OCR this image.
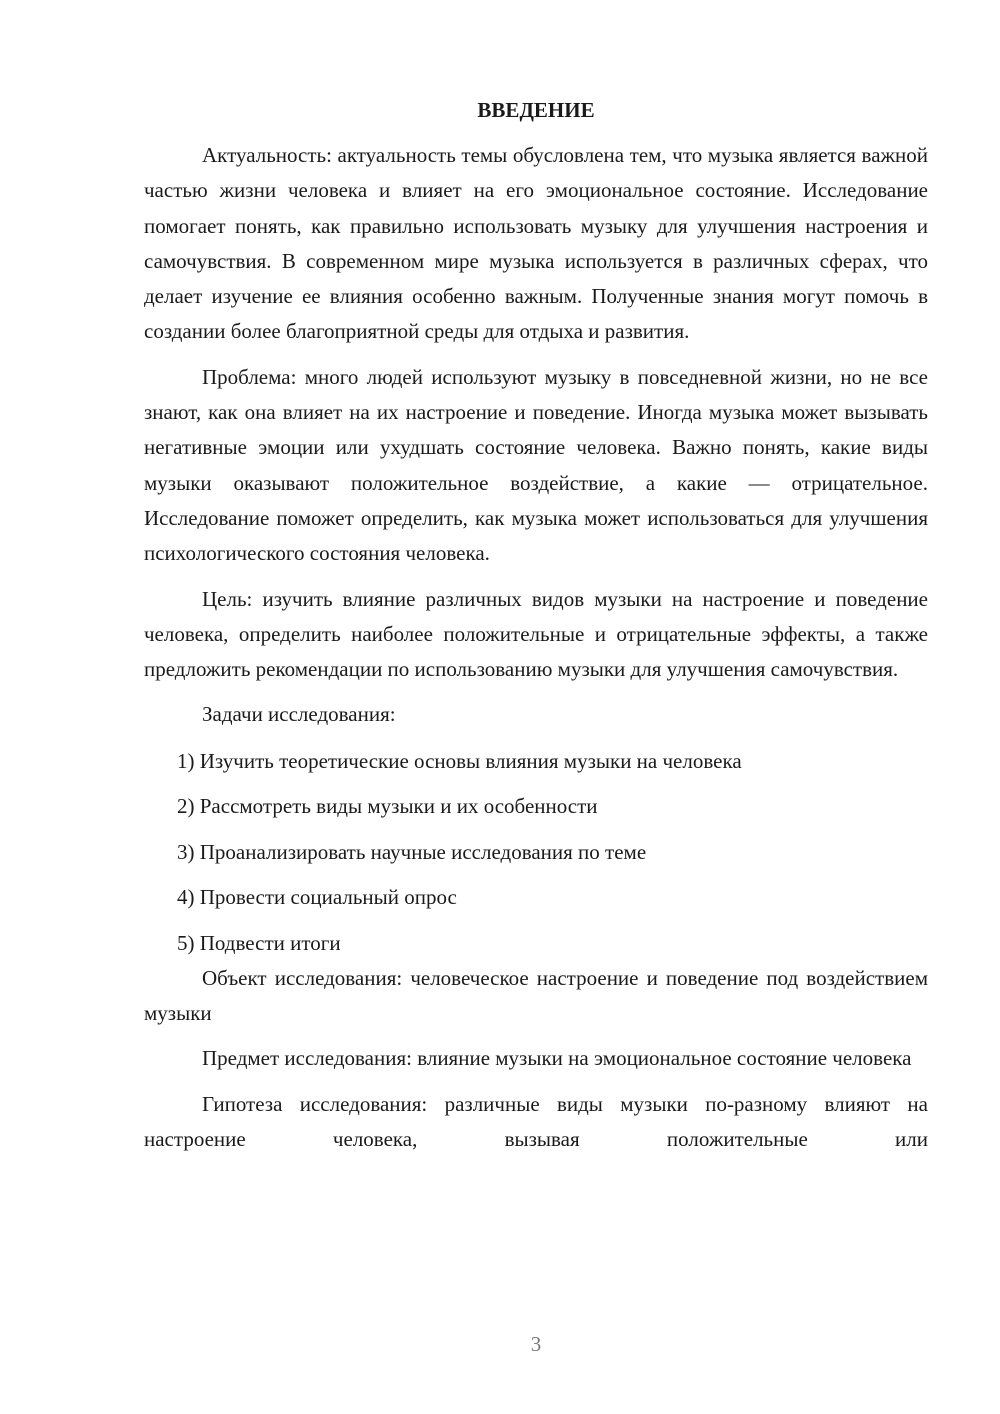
ВВЕДЕНИЕ

Актуальность: актуальность темы обусловлена тем, что музыка является важной частью жизни человека и влияет на его эмоциональное состояние. Исследование помогает понять, как правильно использовать музыку для улучшения настроения и самочувствия. В современном мире музыка используется в различных сферах, что делает изучение ее влияния особенно важным. Полученные знания могут помочь в создании более благоприятной среды для отдыха и развития.

Проблема: много людей используют музыку в повседневной жизни, но не все знают, как она влияет на их настроение и поведение. Иногда музыка может вызывать негативные эмоции или ухудшать состояние человека. Важно понять, какие виды музыки оказывают положительное воздействие, а какие — отрицательное. Исследование поможет определить, как музыка может использоваться для улучшения психологического состояния человека.

Цель: изучить влияние различных видов музыки на настроение и поведение человека, определить наиболее положительные и отрицательные эффекты, а также предложить рекомендации по использованию музыки для улучшения самочувствия.

Задачи исследования:

1) Изучить теоретические основы влияния музыки на человека

2) Рассмотреть виды музыки и их особенности

3) Проанализировать научные исследования по теме

4) Провести социальный опрос

5) Подвести итоги

Объект исследования: человеческое настроение и поведение под воздействием музыки

Предмет исследования: влияние музыки на эмоциональное состояние человека

Гипотеза исследования: различные виды музыки по-разному влияют на настроение человека, вызывая положительные или

3
